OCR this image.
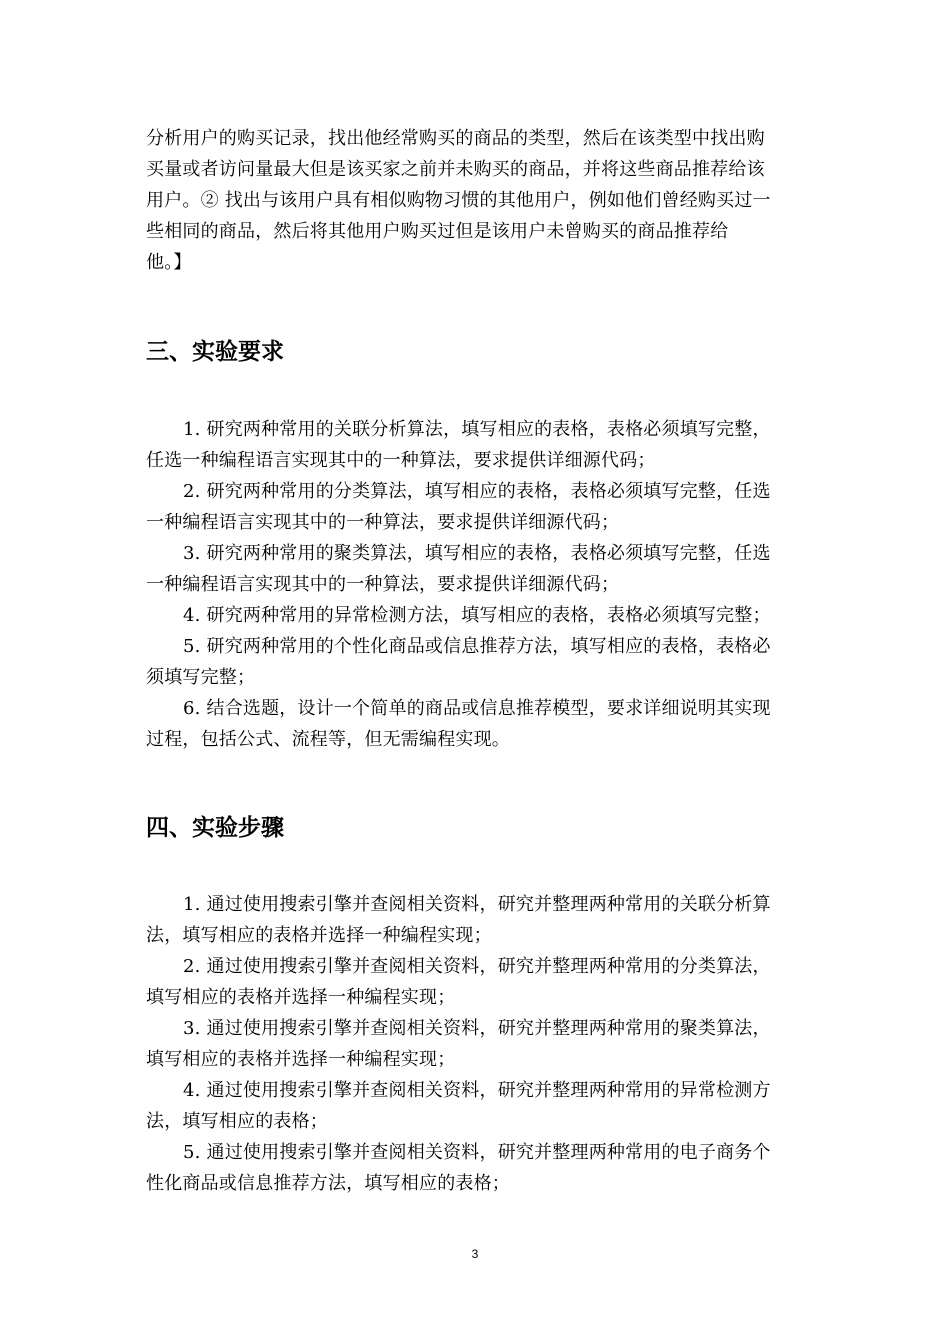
分析用户的购买记录，找出他经常购买的商品的类型，然后在该类型中找出购
买量或者访问量最大但是该买家之前并未购买的商品，并将这些商品推荐给该
用户。② 找出与该用户具有相似购物习惯的其他用户，例如他们曾经购买过一
些相同的商品，然后将其他用户购买过但是该用户未曾购买的商品推荐给
他。】
三、实验要求
1. 研究两种常用的关联分析算法，填写相应的表格，表格必须填写完整，
任选一种编程语言实现其中的一种算法，要求提供详细源代码；
2. 研究两种常用的分类算法，填写相应的表格，表格必须填写完整，任选
一种编程语言实现其中的一种算法，要求提供详细源代码；
3. 研究两种常用的聚类算法，填写相应的表格，表格必须填写完整，任选
一种编程语言实现其中的一种算法，要求提供详细源代码；
4. 研究两种常用的异常检测方法，填写相应的表格，表格必须填写完整；
5. 研究两种常用的个性化商品或信息推荐方法，填写相应的表格，表格必
须填写完整；
6. 结合选题，设计一个简单的商品或信息推荐模型，要求详细说明其实现
过程，包括公式、流程等，但无需编程实现。
四、实验步骤
1. 通过使用搜索引擎并查阅相关资料，研究并整理两种常用的关联分析算
法，填写相应的表格并选择一种编程实现；
2. 通过使用搜索引擎并查阅相关资料，研究并整理两种常用的分类算法，
填写相应的表格并选择一种编程实现；
3. 通过使用搜索引擎并查阅相关资料，研究并整理两种常用的聚类算法，
填写相应的表格并选择一种编程实现；
4. 通过使用搜索引擎并查阅相关资料，研究并整理两种常用的异常检测方
法，填写相应的表格；
5. 通过使用搜索引擎并查阅相关资料，研究并整理两种常用的电子商务个
性化商品或信息推荐方法，填写相应的表格；
3
